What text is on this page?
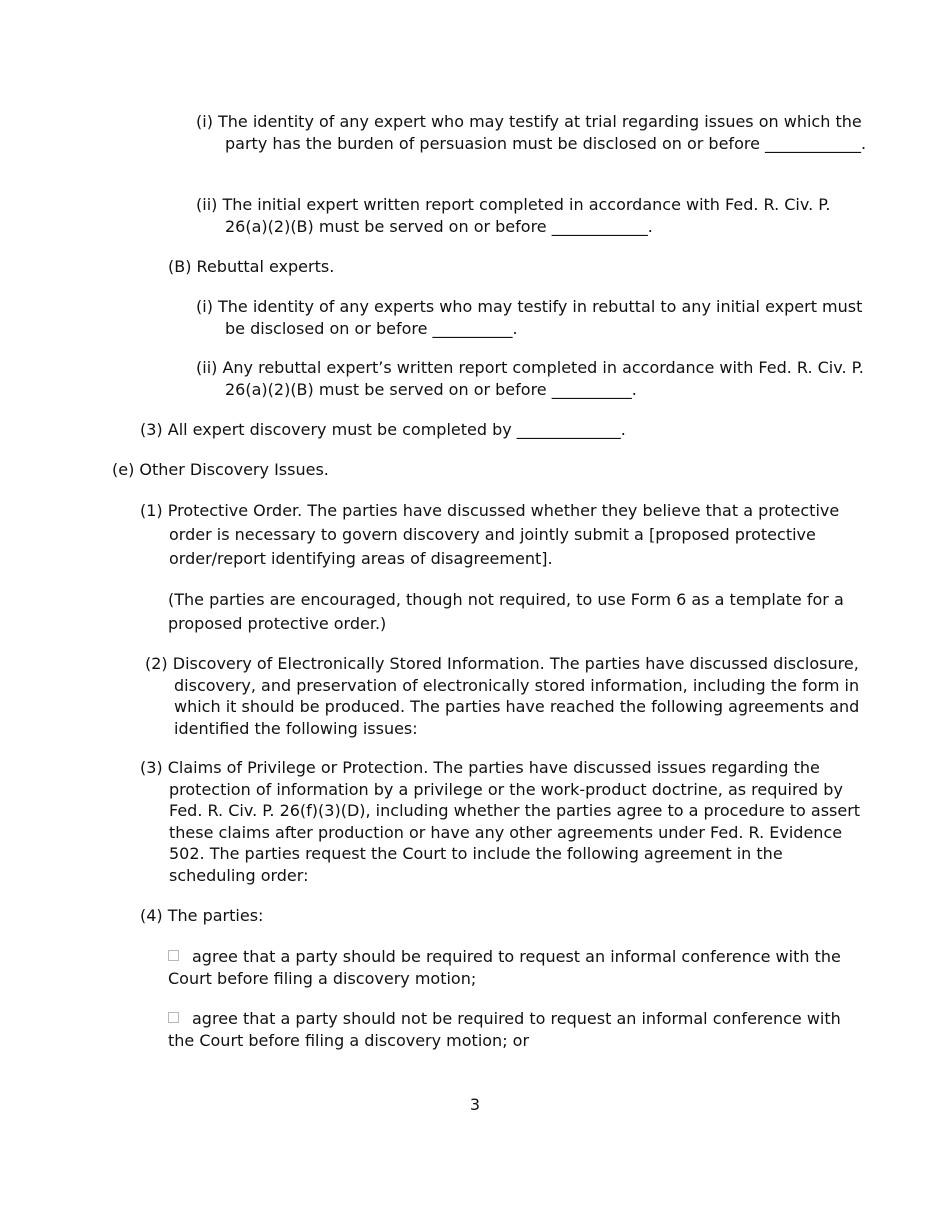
(i) The identity of any expert who may testify at trial regarding issues on which the party has the burden of persuasion must be disclosed on or before ____________.

(ii) The initial expert written report completed in accordance with Fed. R. Civ. P. 26(a)(2)(B) must be served on or before ____________.

(B) Rebuttal experts.

(i) The identity of any experts who may testify in rebuttal to any initial expert must be disclosed on or before __________.

(ii) Any rebuttal expert’s written report completed in accordance with Fed. R. Civ. P. 26(a)(2)(B) must be served on or before __________.

(3) All expert discovery must be completed by _____________.

(e) Other Discovery Issues.

(1) Protective Order. The parties have discussed whether they believe that a protective order is necessary to govern discovery and jointly submit a [proposed protective order/report identifying areas of disagreement].

(The parties are encouraged, though not required, to use Form 6 as a template for a proposed protective order.)

(2) Discovery of Electronically Stored Information. The parties have discussed disclosure, discovery, and preservation of electronically stored information, including the form in which it should be produced. The parties have reached the following agreements and identified the following issues:

(3) Claims of Privilege or Protection. The parties have discussed issues regarding the protection of information by a privilege or the work-product doctrine, as required by Fed. R. Civ. P. 26(f)(3)(D), including whether the parties agree to a procedure to assert these claims after production or have any other agreements under Fed. R. Evidence 502. The parties request the Court to include the following agreement in the scheduling order:

(4) The parties:

agree that a party should be required to request an informal conference with the Court before filing a discovery motion;

agree that a party should not be required to request an informal conference with the Court before filing a discovery motion; or

3
